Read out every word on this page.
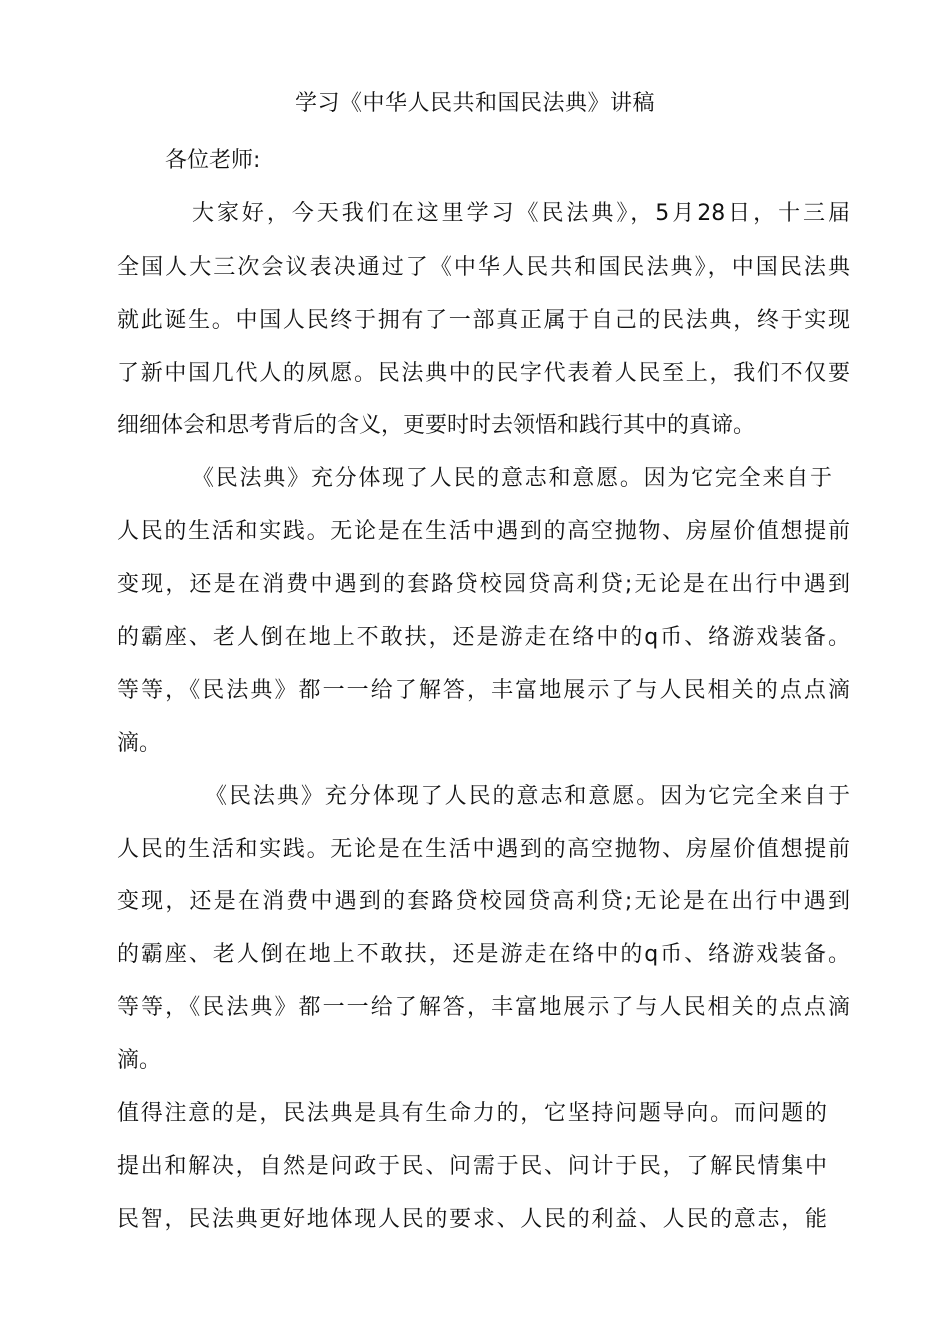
学习《中华人民共和国民法典》讲稿
各位老师:
大家好，今天我们在这里学习《民法典》，5月28日，十三届
全国人大三次会议表决通过了《中华人民共和国民法典》，中国民法典
就此诞生。中国人民终于拥有了一部真正属于自己的民法典，终于实现
了新中国几代人的夙愿。民法典中的民字代表着人民至上，我们不仅要
细细体会和思考背后的含义，更要时时去领悟和践行其中的真谛。
《民法典》充分体现了人民的意志和意愿。因为它完全来自于
人民的生活和实践。无论是在生活中遇到的高空抛物、房屋价值想提前
变现，还是在消费中遇到的套路贷校园贷高利贷;无论是在出行中遇到
的霸座、老人倒在地上不敢扶，还是游走在络中的q币、络游戏装备。
等等，《民法典》都一一给了解答，丰富地展示了与人民相关的点点滴
滴。
《民法典》充分体现了人民的意志和意愿。因为它完全来自于
人民的生活和实践。无论是在生活中遇到的高空抛物、房屋价值想提前
变现，还是在消费中遇到的套路贷校园贷高利贷;无论是在出行中遇到
的霸座、老人倒在地上不敢扶，还是游走在络中的q币、络游戏装备。
等等，《民法典》都一一给了解答，丰富地展示了与人民相关的点点滴
滴。
值得注意的是，民法典是具有生命力的，它坚持问题导向。而问题的
提出和解决，自然是问政于民、问需于民、问计于民，了解民情集中
民智，民法典更好地体现人民的要求、人民的利益、人民的意志，能
